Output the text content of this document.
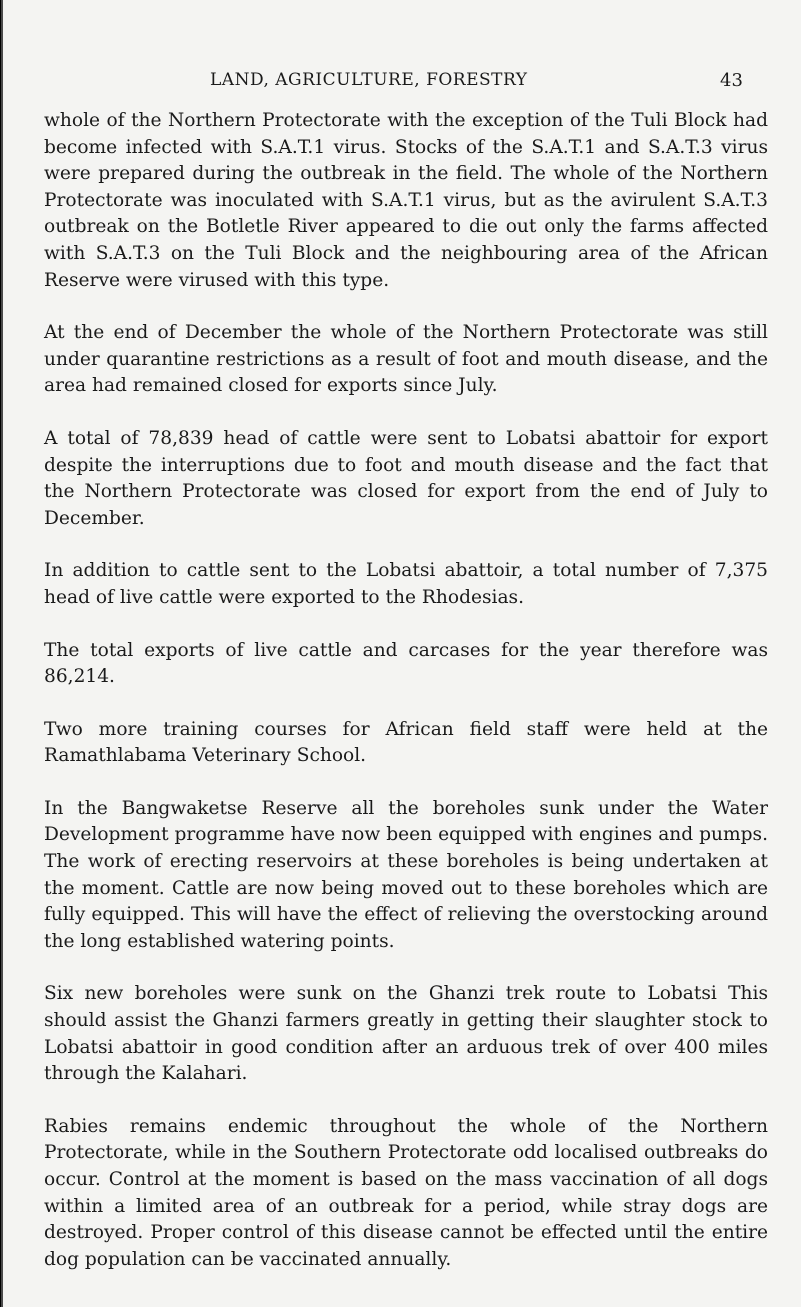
LAND, AGRICULTURE, FORESTRY	43

whole of the Northern Protectorate with the exception of the Tuli Block had become infected with S.A.T.1 virus. Stocks of the S.A.T.1 and S.A.T.3 virus were prepared during the outbreak in the field. The whole of the Northern Protectorate was inoculated with S.A.T.1 virus, but as the avirulent S.A.T.3 outbreak on the Botletle River appeared to die out only the farms affected with S.A.T.3 on the Tuli Block and the neighbouring area of the African Reserve were virused with this type.

At the end of December the whole of the Northern Protectorate was still under quarantine restrictions as a result of foot and mouth disease, and the area had remained closed for exports since July.

A total of 78,839 head of cattle were sent to Lobatsi abattoir for export despite the interruptions due to foot and mouth disease and the fact that the Northern Protectorate was closed for export from the end of July to December.

In addition to cattle sent to the Lobatsi abattoir, a total number of 7,375 head of live cattle were exported to the Rhodesias.

The total exports of live cattle and carcases for the year therefore was 86,214.

Two more training courses for African field staff were held at the Ramathlabama Veterinary School.

In the Bangwaketse Reserve all the boreholes sunk under the Water Development programme have now been equipped with engines and pumps. The work of erecting reservoirs at these boreholes is being undertaken at the moment. Cattle are now being moved out to these boreholes which are fully equipped. This will have the effect of relieving the overstocking around the long established watering points.

Six new boreholes were sunk on the Ghanzi trek route to Lobatsi This should assist the Ghanzi farmers greatly in getting their slaughter stock to Lobatsi abattoir in good condition after an arduous trek of over 400 miles through the Kalahari.

Rabies remains endemic throughout the whole of the Northern Protectorate, while in the Southern Protectorate odd localised outbreaks do occur. Control at the moment is based on the mass vaccination of all dogs within a limited area of an outbreak for a period, while stray dogs are destroyed. Proper control of this disease cannot be effected until the entire dog population can be vaccinated annually.
